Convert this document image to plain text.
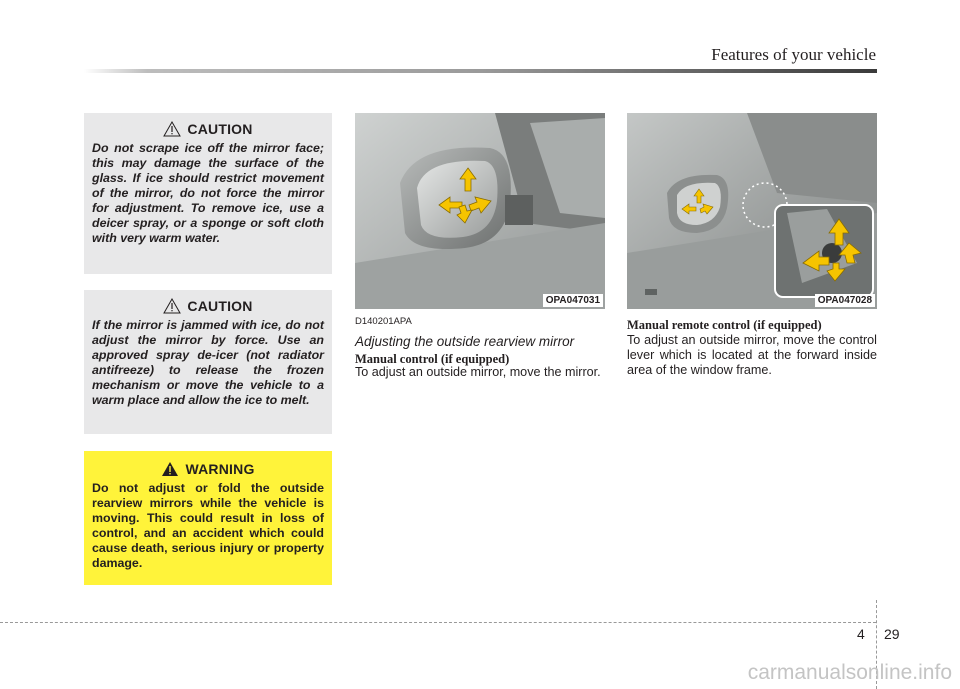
Features of your vehicle
CAUTION

Do not scrape ice off the mirror face; this may damage the surface of the glass. If ice should restrict movement of the mirror, do not force the mirror for adjustment. To remove ice, use a deicer spray, or a sponge or soft cloth with very warm water.

CAUTION

If the mirror is jammed with ice, do not adjust the mirror by force. Use an approved spray de-icer (not radiator antifreeze) to release the frozen mechanism or move the vehicle to a warm place and allow the ice to melt.

WARNING

Do not adjust or fold the outside rearview mirrors while the vehicle is moving. This could result in loss of control, and an accident which could cause death, serious injury or property damage.

OPA047031	OPA047028
D140201APA
Adjusting the outside rearview mirror
Manual control (if equipped)

To adjust an outside mirror, move the mirror.

Manual remote control (if equipped)

To adjust an outside mirror, move the control lever which is located at the forward inside area of the window frame.

4 29
carmanualsonline.info
